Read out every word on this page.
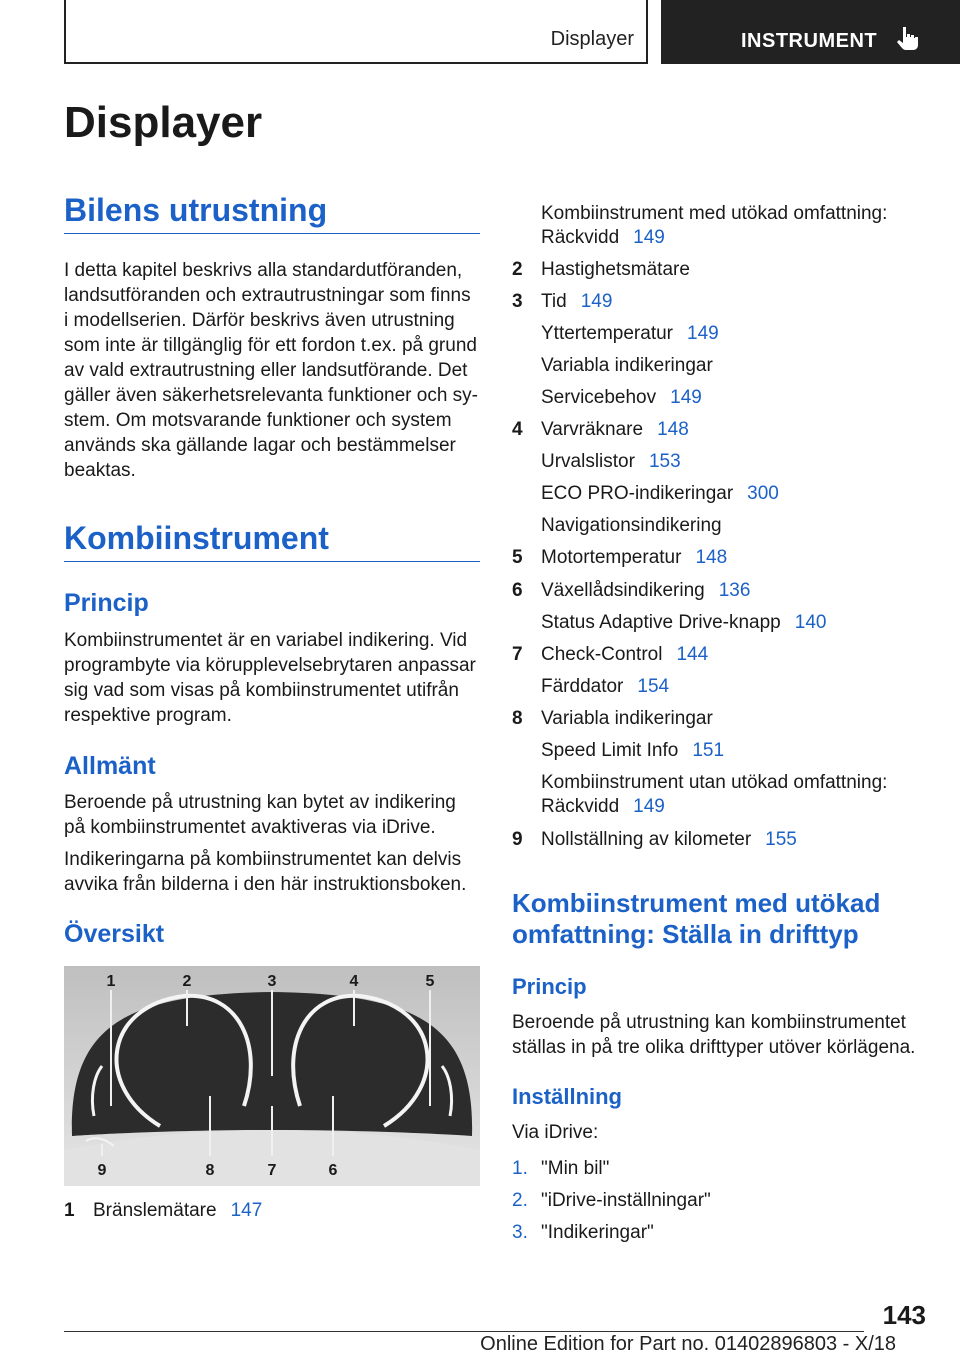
Displayer	INSTRUMENT
Displayer
Bilens utrustning
I detta kapitel beskrivs alla standardutföranden,
landsutföranden och extrautrustningar som finns
i modellserien. Därför beskrivs även utrustning
som inte är tillgänglig för ett fordon t.ex. på grund
av vald extrautrustning eller landsutförande. Det
gäller även säkerhetsrelevanta funktioner och sy-
stem. Om motsvarande funktioner och system
används ska gällande lagar och bestämmelser
beaktas.
Kombiinstrument
Princip
Kombiinstrumentet är en variabel indikering. Vid
programbyte via körupplevelsebrytaren anpassar
sig vad som visas på kombiinstrumentet utifrån
respektive program.
Allmänt
Beroende på utrustning kan bytet av indikering
på kombiinstrumentet avaktiveras via iDrive.
Indikeringarna på kombiinstrumentet kan delvis
avvika från bilderna i den här instruktionsboken.
Översikt
1	2	3	4	5
9	8	7	6
1 Bränslemätare 147
Kombiinstrument med utökad omfattning:
Räckvidd 149
2 Hastighetsmätare
3 Tid 149
Yttertemperatur 149
Variabla indikeringar
Servicebehov 149
4 Varvräknare 148
Urvalslistor 153
ECO PRO-indikeringar 300
Navigationsindikering
5 Motortemperatur 148
6 Växellådsindikering 136
Status Adaptive Drive-knapp 140
7 Check-Control 144
Färddator 154
8 Variabla indikeringar
Speed Limit Info 151
Kombiinstrument utan utökad omfattning:
Räckvidd 149
9 Nollställning av kilometer 155
Kombiinstrument med utökad
omfattning: Ställa in drifttyp
Princip
Beroende på utrustning kan kombiinstrumentet
ställas in på tre olika drifttyper utöver körlägena.
Inställning
Via iDrive:
1. "Min bil"
2. "iDrive-inställningar"
3. "Indikeringar"
143
Online Edition for Part no. 01402896803 - X/18
